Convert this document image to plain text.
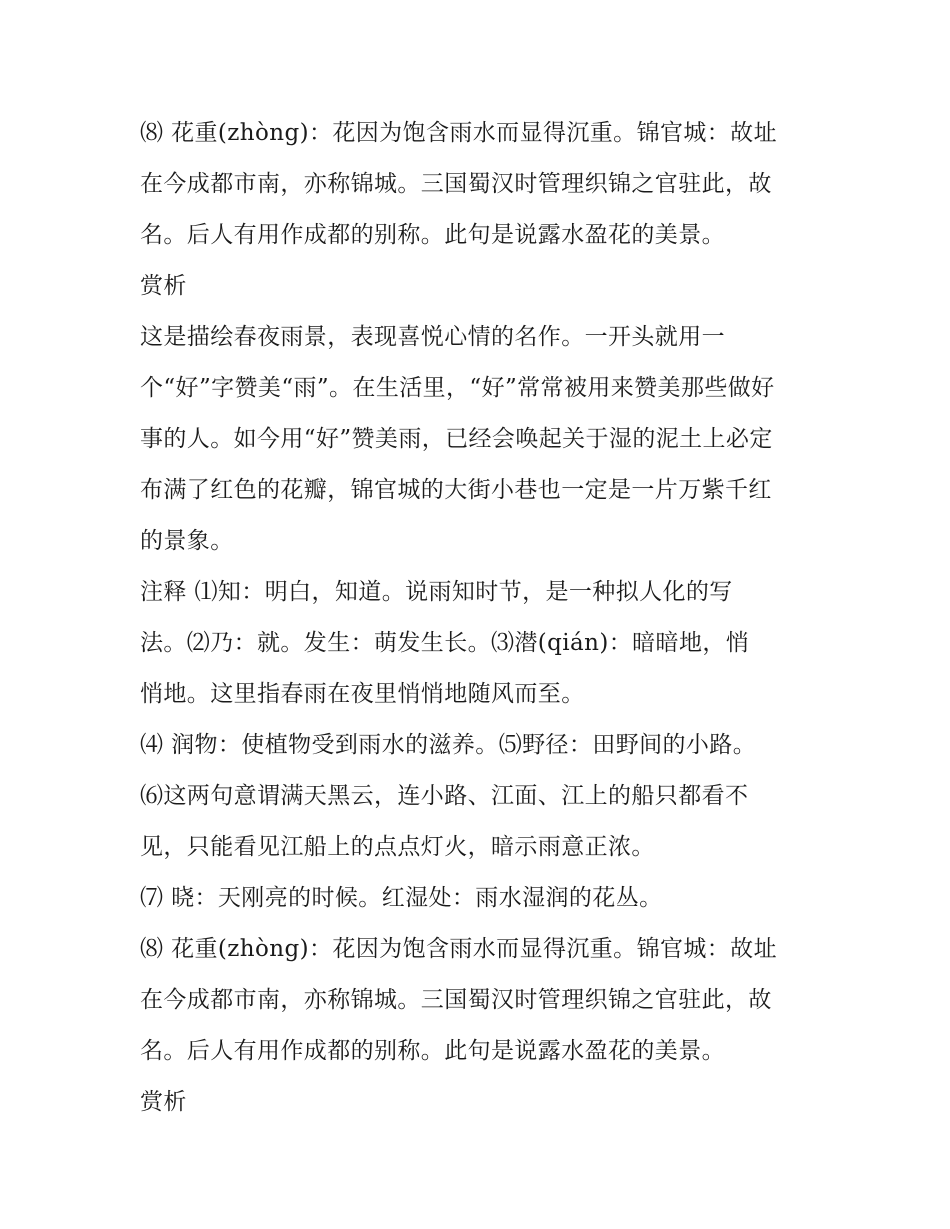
⑻ 花重(zhòng)：花因为饱含雨水而显得沉重。锦官城：故址
在今成都市南，亦称锦城。三国蜀汉时管理织锦之官驻此，故
名。后人有用作成都的别称。此句是说露水盈花的美景。
赏析
这是描绘春夜雨景，表现喜悦心情的名作。一开头就用一
个“好”字赞美“雨”。在生活里，“好”常常被用来赞美那些做好
事的人。如今用“好”赞美雨，已经会唤起关于湿的泥土上必定
布满了红色的花瓣，锦官城的大街小巷也一定是一片万紫千红
的景象。
注释 ⑴知：明白，知道。说雨知时节，是一种拟人化的写
法。⑵乃：就。发生：萌发生长。⑶潜(qián)：暗暗地，悄
悄地。这里指春雨在夜里悄悄地随风而至。
⑷ 润物：使植物受到雨水的滋养。⑸野径：田野间的小路。
⑹这两句意谓满天黑云，连小路、江面、江上的船只都看不
见，只能看见江船上的点点灯火，暗示雨意正浓。
⑺ 晓：天刚亮的时候。红湿处：雨水湿润的花丛。
⑻ 花重(zhòng)：花因为饱含雨水而显得沉重。锦官城：故址
在今成都市南，亦称锦城。三国蜀汉时管理织锦之官驻此，故
名。后人有用作成都的别称。此句是说露水盈花的美景。
赏析
